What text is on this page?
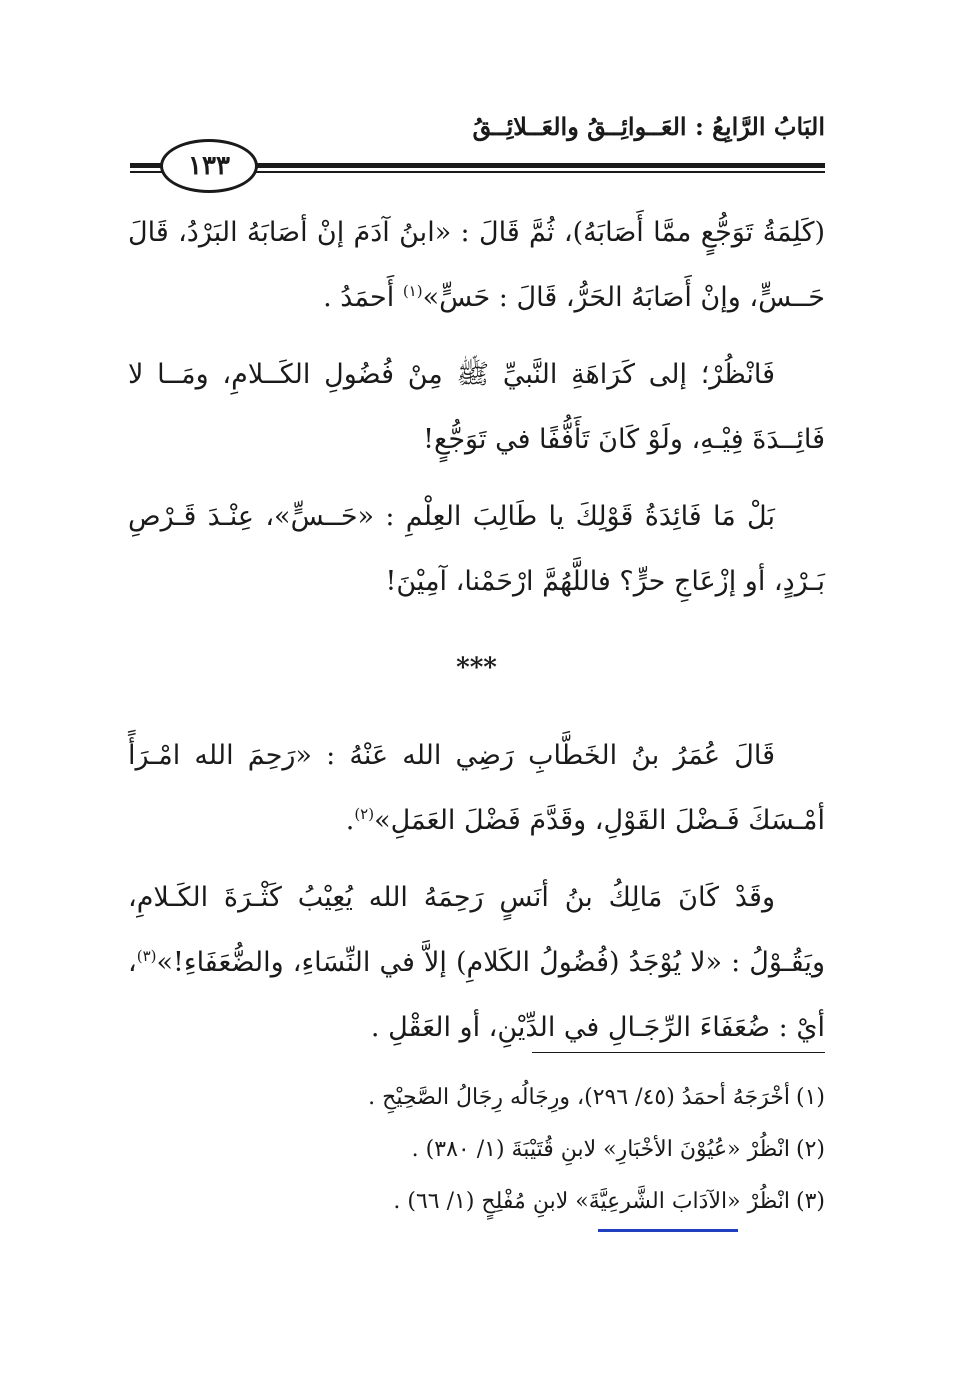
البَابُ الرَّابِعُ : العَــوائِــقُ والعَــلائِــقُ
١٣٣

(كَلِمَةُ تَوَجُّعٍ ممَّا أَصَابَهُ)، ثُمَّ قَالَ : «ابنُ آدَمَ إنْ أصَابَهُ البَرْدُ، قَالَ حَــسٍّ، وإنْ أَصَابَهُ الحَرُّ، قَالَ : حَسٍّ»$^{(١)}$ أَحمَدُ .

فَانْظُرْ؛ إلى كَرَاهَةِ النَّبيِّ ﷺ مِنْ فُضُولِ الكَــلامِ، ومَــا لا فَائِــدَةَ فِيْـهِ، ولَوْ كَانَ تَأَفُّفًا في تَوَجُّعٍ!

بَلْ مَا فَائِدَةُ قَوْلِكَ يا طَالِبَ العِلْمِ : «حَــسٍّ»، عِنْـدَ قَـرْصِ بَـرْدٍ، أو إزْعَاجِ حرٍّ؟ فاللَّهُمَّ ارْحَمْنا، آمِيْنَ!

***

قَالَ عُمَرُ بنُ الخَطَّابِ رَضِي الله عَنْهُ : «رَحِمَ الله امْـرَأً أمْـسَكَ فَـضْلَ القَوْلِ، وقَدَّمَ فَضْلَ العَمَلِ»$^{(٢)}$.

وقَدْ كَانَ مَالِكُ بنُ أنَسٍ رَحِمَهُ الله يُعِيْبُ كَثْـرَةَ الكَـلامِ، ويَقُـوْلُ : «لا يُوْجَدُ (فُضُولُ الكَلامِ) إلاَّ في النِّسَاءِ، والضُّعَفَاءِ!»$^{(٣)}$، أيْ : ضُعَفَاءَ الرِّجَـالِ في الدِّيْنِ، أو العَقْلِ .

(١)أخْرَجَهُ أحمَدُ (٤٥/ ٢٩٦)، ورِجَالُه رِجَالُ الصَّحِيْحِ .

(٢)انْظُرْ «عُيُوْنَ الأخْبَارِ» لابنِ قُتَيْبَةَ (١/ ٣٨٠) .

(٣)انْظُرْ «الآدَابَ الشَّرعِيَّةَ» لابنِ مُفْلِحٍ (١/ ٦٦) .
